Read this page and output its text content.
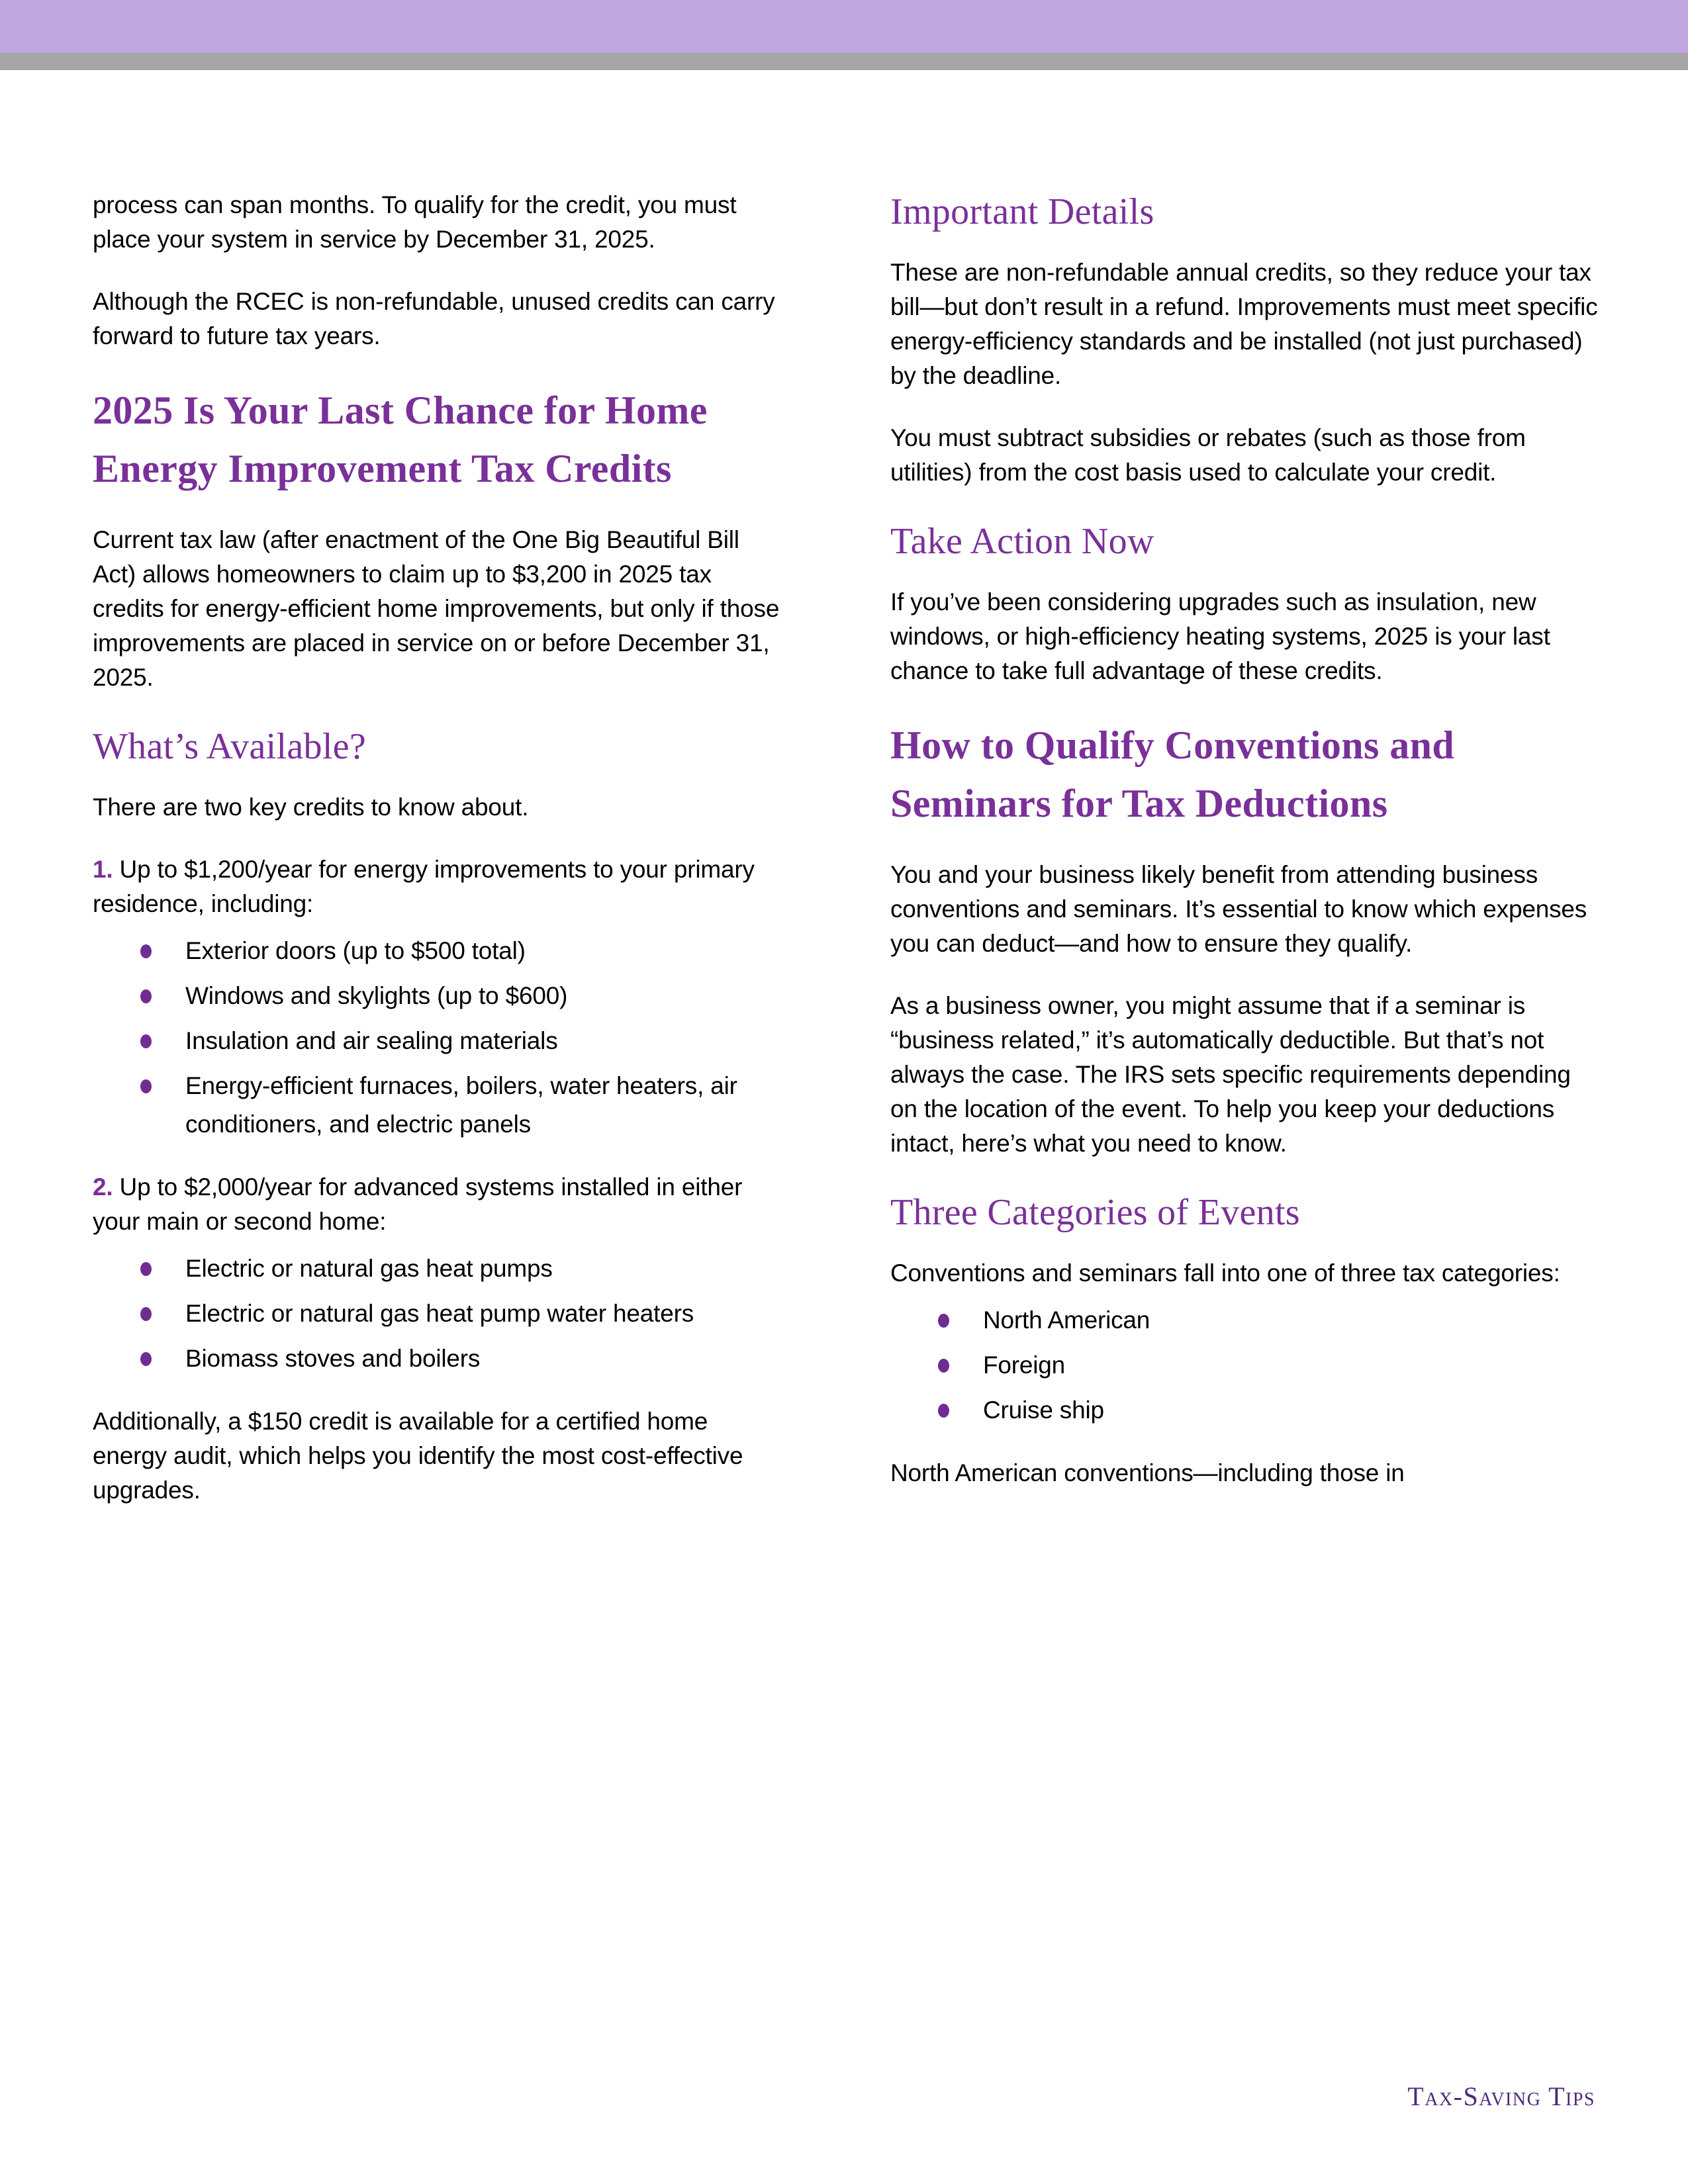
process can span months. To qualify for the credit, you must place your system in service by December 31, 2025.

Although the RCEC is non-refundable, unused credits can carry forward to future tax years.

2025 Is Your Last Chance for Home Energy Improvement Tax Credits

Current tax law (after enactment of the One Big Beautiful Bill Act) allows homeowners to claim up to $3,200 in 2025 tax credits for energy-efficient home improvements, but only if those improvements are placed in service on or before December 31, 2025.

What’s Available?

There are two key credits to know about.

1. Up to $1,200/year for energy improvements to your primary residence, including:

Exterior doors (up to $500 total)
Windows and skylights (up to $600)
Insulation and air sealing materials
Energy-efficient furnaces, boilers, water heaters, air conditioners, and electric panels

2. Up to $2,000/year for advanced systems installed in either your main or second home:

Electric or natural gas heat pumps
Electric or natural gas heat pump water heaters
Biomass stoves and boilers

Additionally, a $150 credit is available for a certified home energy audit, which helps you identify the most cost-effective upgrades.

Important Details

These are non-refundable annual credits, so they reduce your tax bill—but don’t result in a refund. Improvements must meet specific energy-efficiency standards and be installed (not just purchased) by the deadline.

You must subtract subsidies or rebates (such as those from utilities) from the cost basis used to calculate your credit.

Take Action Now

If you’ve been considering upgrades such as insulation, new windows, or high-efficiency heating systems, 2025 is your last chance to take full advantage of these credits.

How to Qualify Conventions and Seminars for Tax Deductions

You and your business likely benefit from attending business conventions and seminars. It’s essential to know which expenses you can deduct—and how to ensure they qualify.

As a business owner, you might assume that if a seminar is “business related,” it’s automatically deductible. But that’s not always the case. The IRS sets specific requirements depending on the location of the event. To help you keep your deductions intact, here’s what you need to know.

Three Categories of Events

Conventions and seminars fall into one of three tax categories:

North American
Foreign
Cruise ship

North American conventions—including those in

Tax-Saving Tips
